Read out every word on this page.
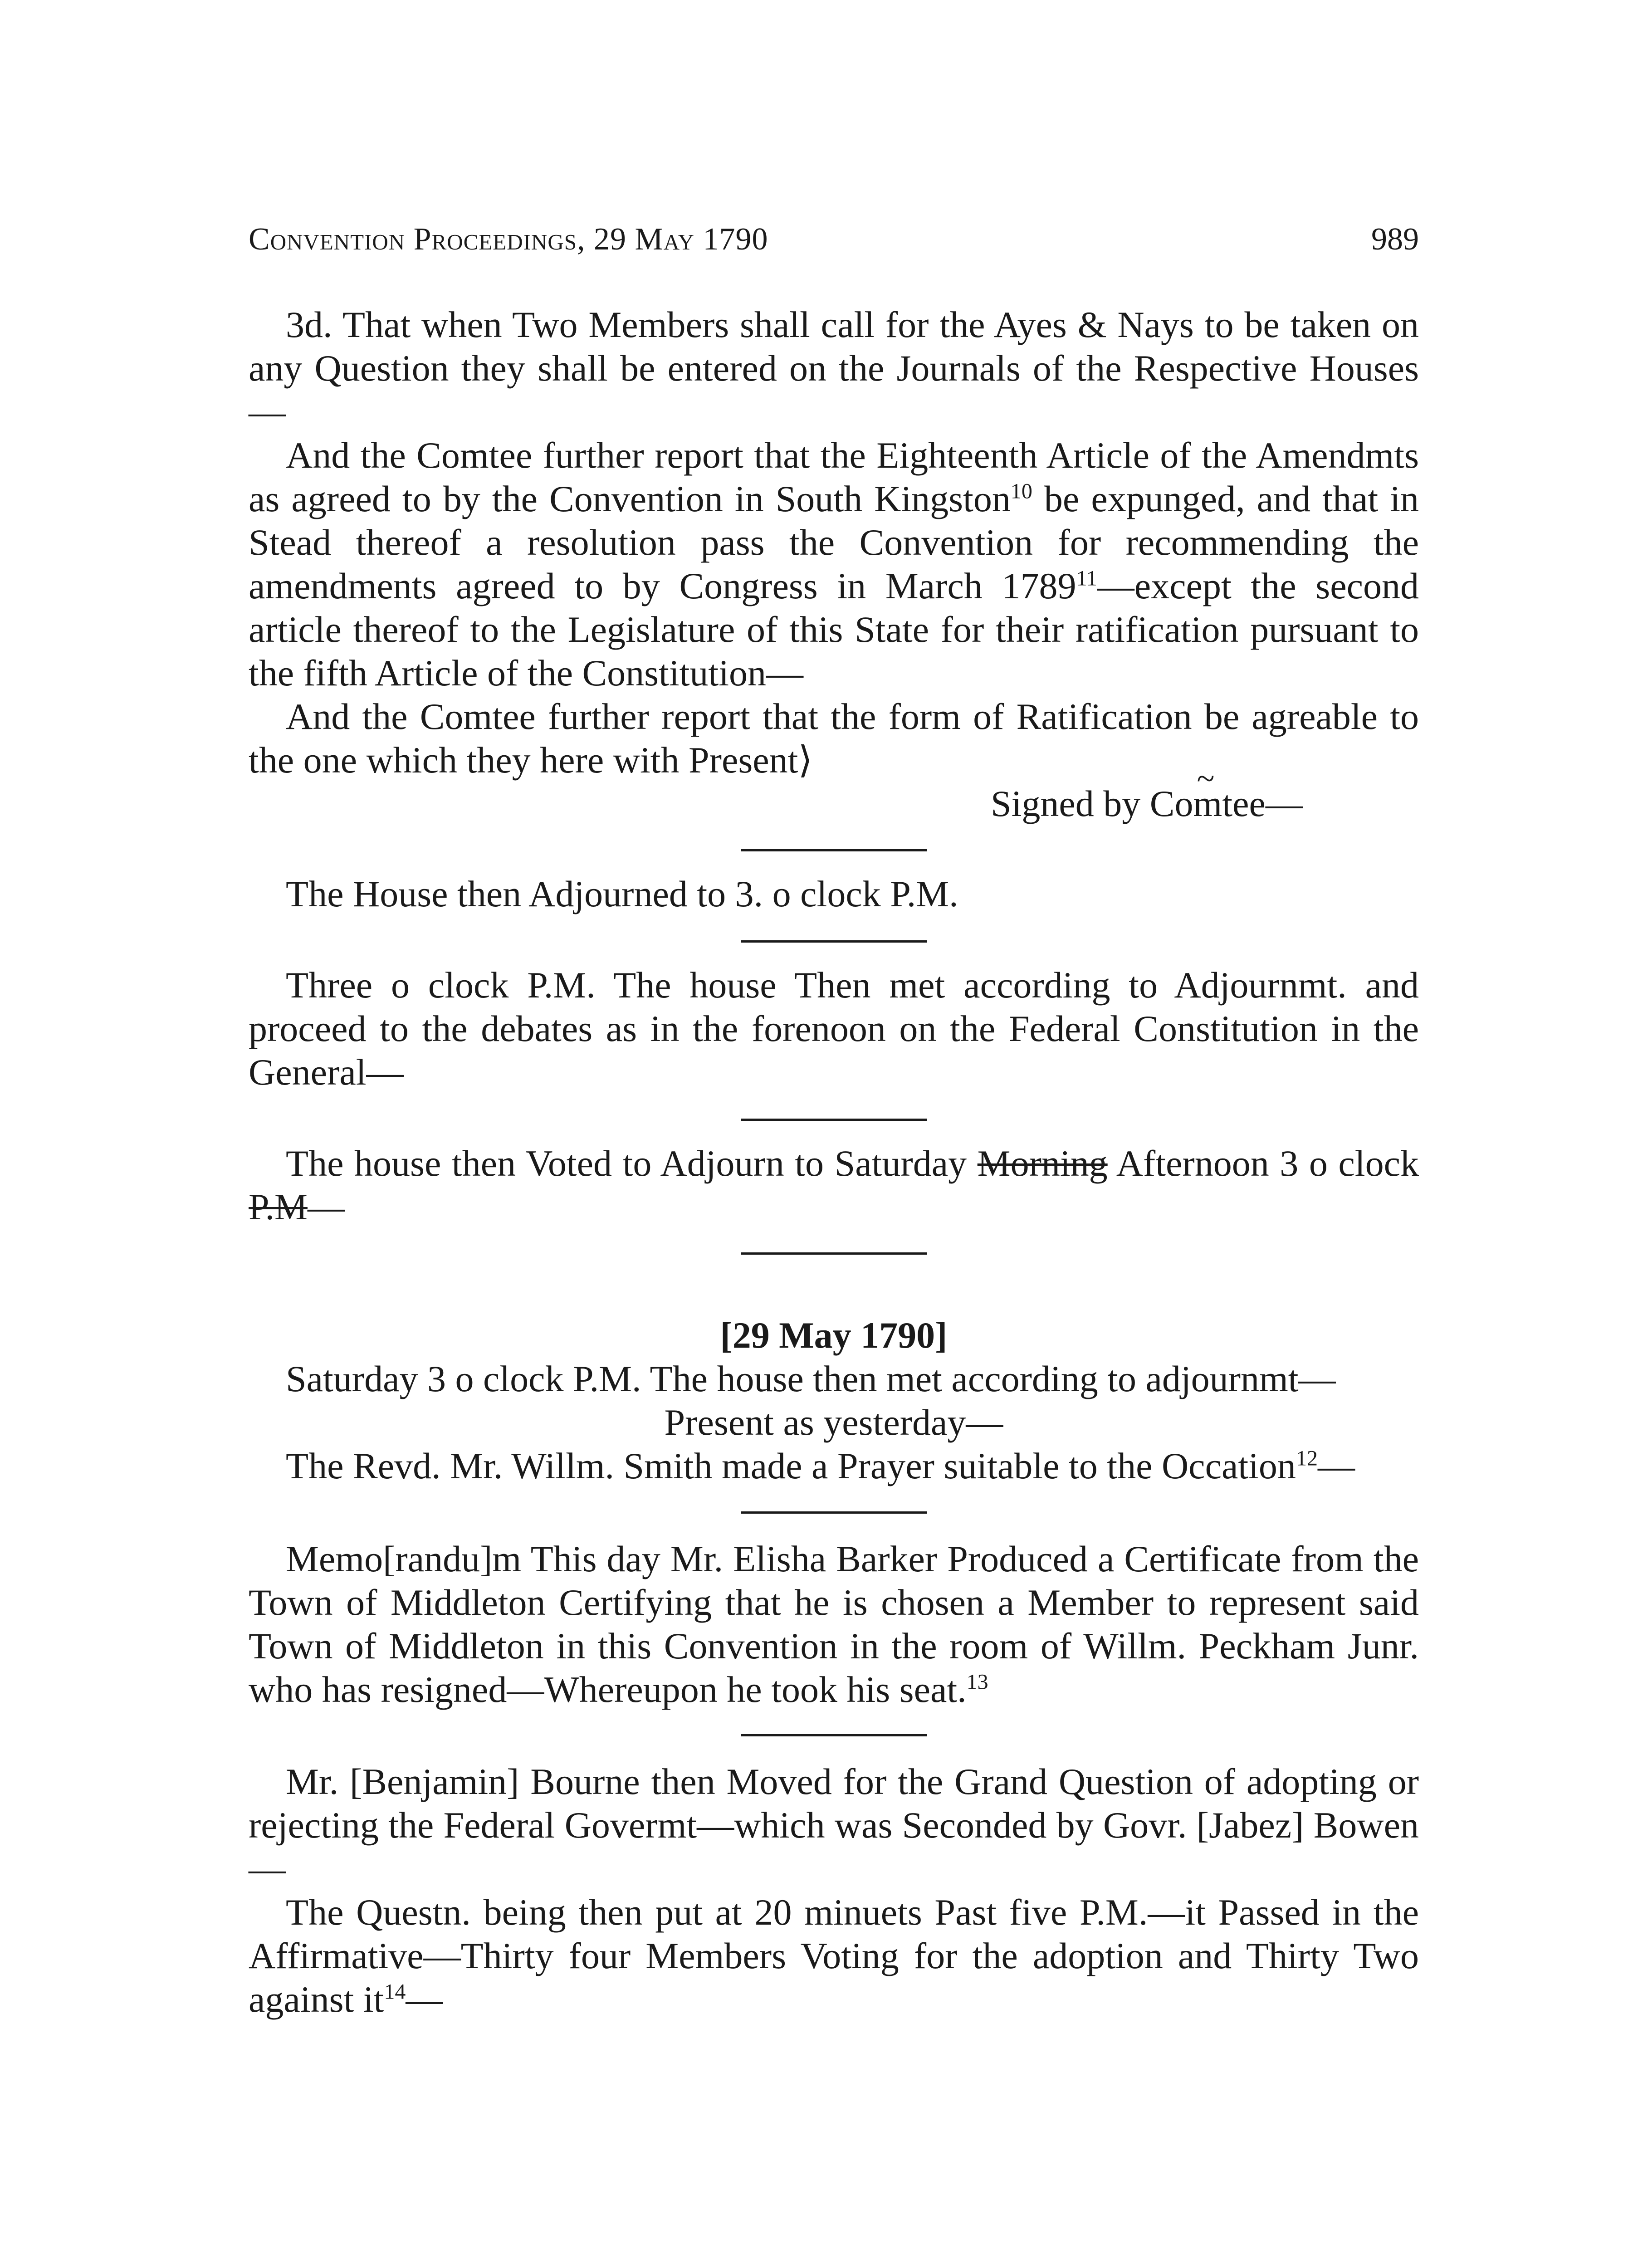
Convention Proceedings, 29 May 1790	989

3d. That when Two Members shall call for the Ayes & Nays to be taken on any Question they shall be entered on the Journals of the Respective Houses—

And the Comtee further report that the Eighteenth Article of the Amendmts as agreed to by the Convention in South Kingston$^{10}$ be expunged, and that in Stead thereof a resolution pass the Convention for recommending the amendments agreed to by Congress in March 1789$^{11}$—except the second article thereof to the Legislature of this State for their ratification pursuant to the fifth Article of the Constitution—

And the Comtee further report that the form of Ratification be agreable to the one which they here with Present⟩

Signed by Com ~tee—

The House then Adjourned to 3. o clock P.M.

Three o clock P.M. The house Then met according to Adjournmt. and proceed to the debates as in the forenoon on the Federal Constitution in the General—

The house then Voted to Adjourn to Saturday Morning Afternoon 3 o clock P.M—

[29 May 1790]

Saturday 3 o clock P.M. The house then met according to adjournmt—

Present as yesterday—

The Revd. Mr. Willm. Smith made a Prayer suitable to the Occation$^{12}$—

Memo[randu]m This day Mr. Elisha Barker Produced a Certificate from the Town of Middleton Certifying that he is chosen a Member to represent said Town of Middleton in this Convention in the room of Willm. Peckham Junr. who has resigned—Whereupon he took his seat.$^{13}$

Mr. [Benjamin] Bourne then Moved for the Grand Question of adopting or rejecting the Federal Govermt—which was Seconded by Govr. [Jabez] Bowen—

The Questn. being then put at 20 minuets Past five P.M.—it Passed in the Affirmative—Thirty four Members Voting for the adoption and Thirty Two against $it^{14}—$
